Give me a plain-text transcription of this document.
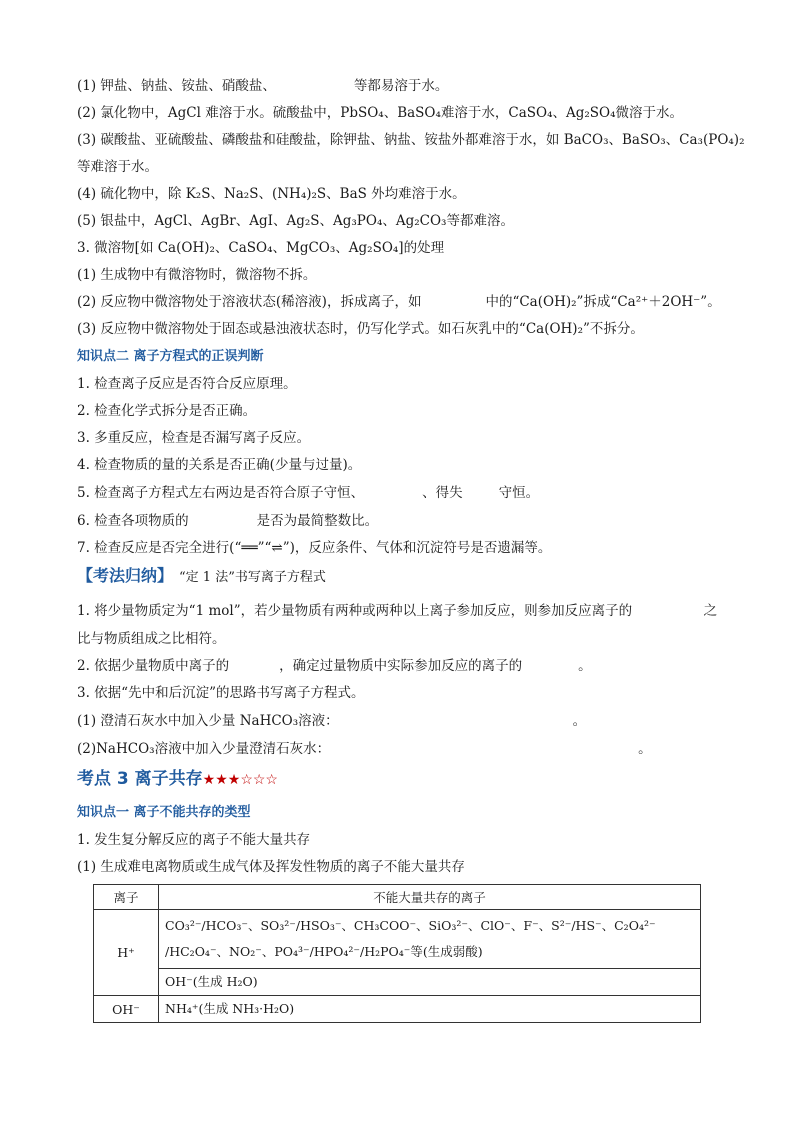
(1) 钾盐、钠盐、铵盐、硝酸盐、	等都易溶于水。
(2) 氯化物中，AgCl 难溶于水。硫酸盐中，PbSO₄、BaSO₄难溶于水，CaSO₄、Ag₂SO₄微溶于水。
(3) 碳酸盐、亚硫酸盐、磷酸盐和硅酸盐，除钾盐、钠盐、铵盐外都难溶于水，如 BaCO₃、BaSO₃、Ca₃(PO₄)₂
等难溶于水。
(4) 硫化物中，除 K₂S、Na₂S、(NH₄)₂S、BaS 外均难溶于水。
(5) 银盐中，AgCl、AgBr、AgI、Ag₂S、Ag₃PO₄、Ag₂CO₃等都难溶。
3. 微溶物[如 Ca(OH)₂、CaSO₄、MgCO₃、Ag₂SO₄]的处理
(1) 生成物中有微溶物时，微溶物不拆。
(2) 反应物中微溶物处于溶液状态(稀溶液)，拆成离子，如	中的“Ca(OH)₂”拆成“Ca²⁺＋2OH⁻”。
(3) 反应物中微溶物处于固态或悬浊液状态时，仍写化学式。如石灰乳中的“Ca(OH)₂”不拆分。
知识点二 离子方程式的正误判断
1. 检查离子反应是否符合反应原理。
2. 检查化学式拆分是否正确。
3. 多重反应，检查是否漏写离子反应。
4. 检查物质的量的关系是否正确(少量与过量)。
5. 检查离子方程式左右两边是否符合原子守恒、	、得失	守恒。
6. 检查各项物质的	是否为最简整数比。
7. 检查反应是否完全进行(“══”“⇌”)，反应条件、气体和沉淀符号是否遗漏等。
【考法归纳】 “定 1 法”书写离子方程式
1. 将少量物质定为“1 mol”，若少量物质有两种或两种以上离子参加反应，则参加反应离子的	之
比与物质组成之比相符。
2. 依据少量物质中离子的	，确定过量物质中实际参加反应的离子的	。
3. 依据“先中和后沉淀”的思路书写离子方程式。
(1) 澄清石灰水中加入少量 NaHCO₃溶液：	。
(2)NaHCO₃溶液中加入少量澄清石灰水：	。
考点 3 离子共存★★★☆☆☆
知识点一 离子不能共存的类型
1. 发生复分解反应的离子不能大量共存
(1) 生成难电离物质或生成气体及挥发性物质的离子不能大量共存
离子	不能大量共存的离子
H⁺	CO₃²⁻/HCO₃⁻、SO₃²⁻/HSO₃⁻、CH₃COO⁻、SiO₃²⁻、ClO⁻、F⁻、S²⁻/HS⁻、C₂O₄²⁻
/HC₂O₄⁻、NO₂⁻、PO₄³⁻/HPO₄²⁻/H₂PO₄⁻等(生成弱酸)

	OH⁻(生成 H₂O)
OH⁻	NH₄⁺(生成 NH₃·H₂O)
